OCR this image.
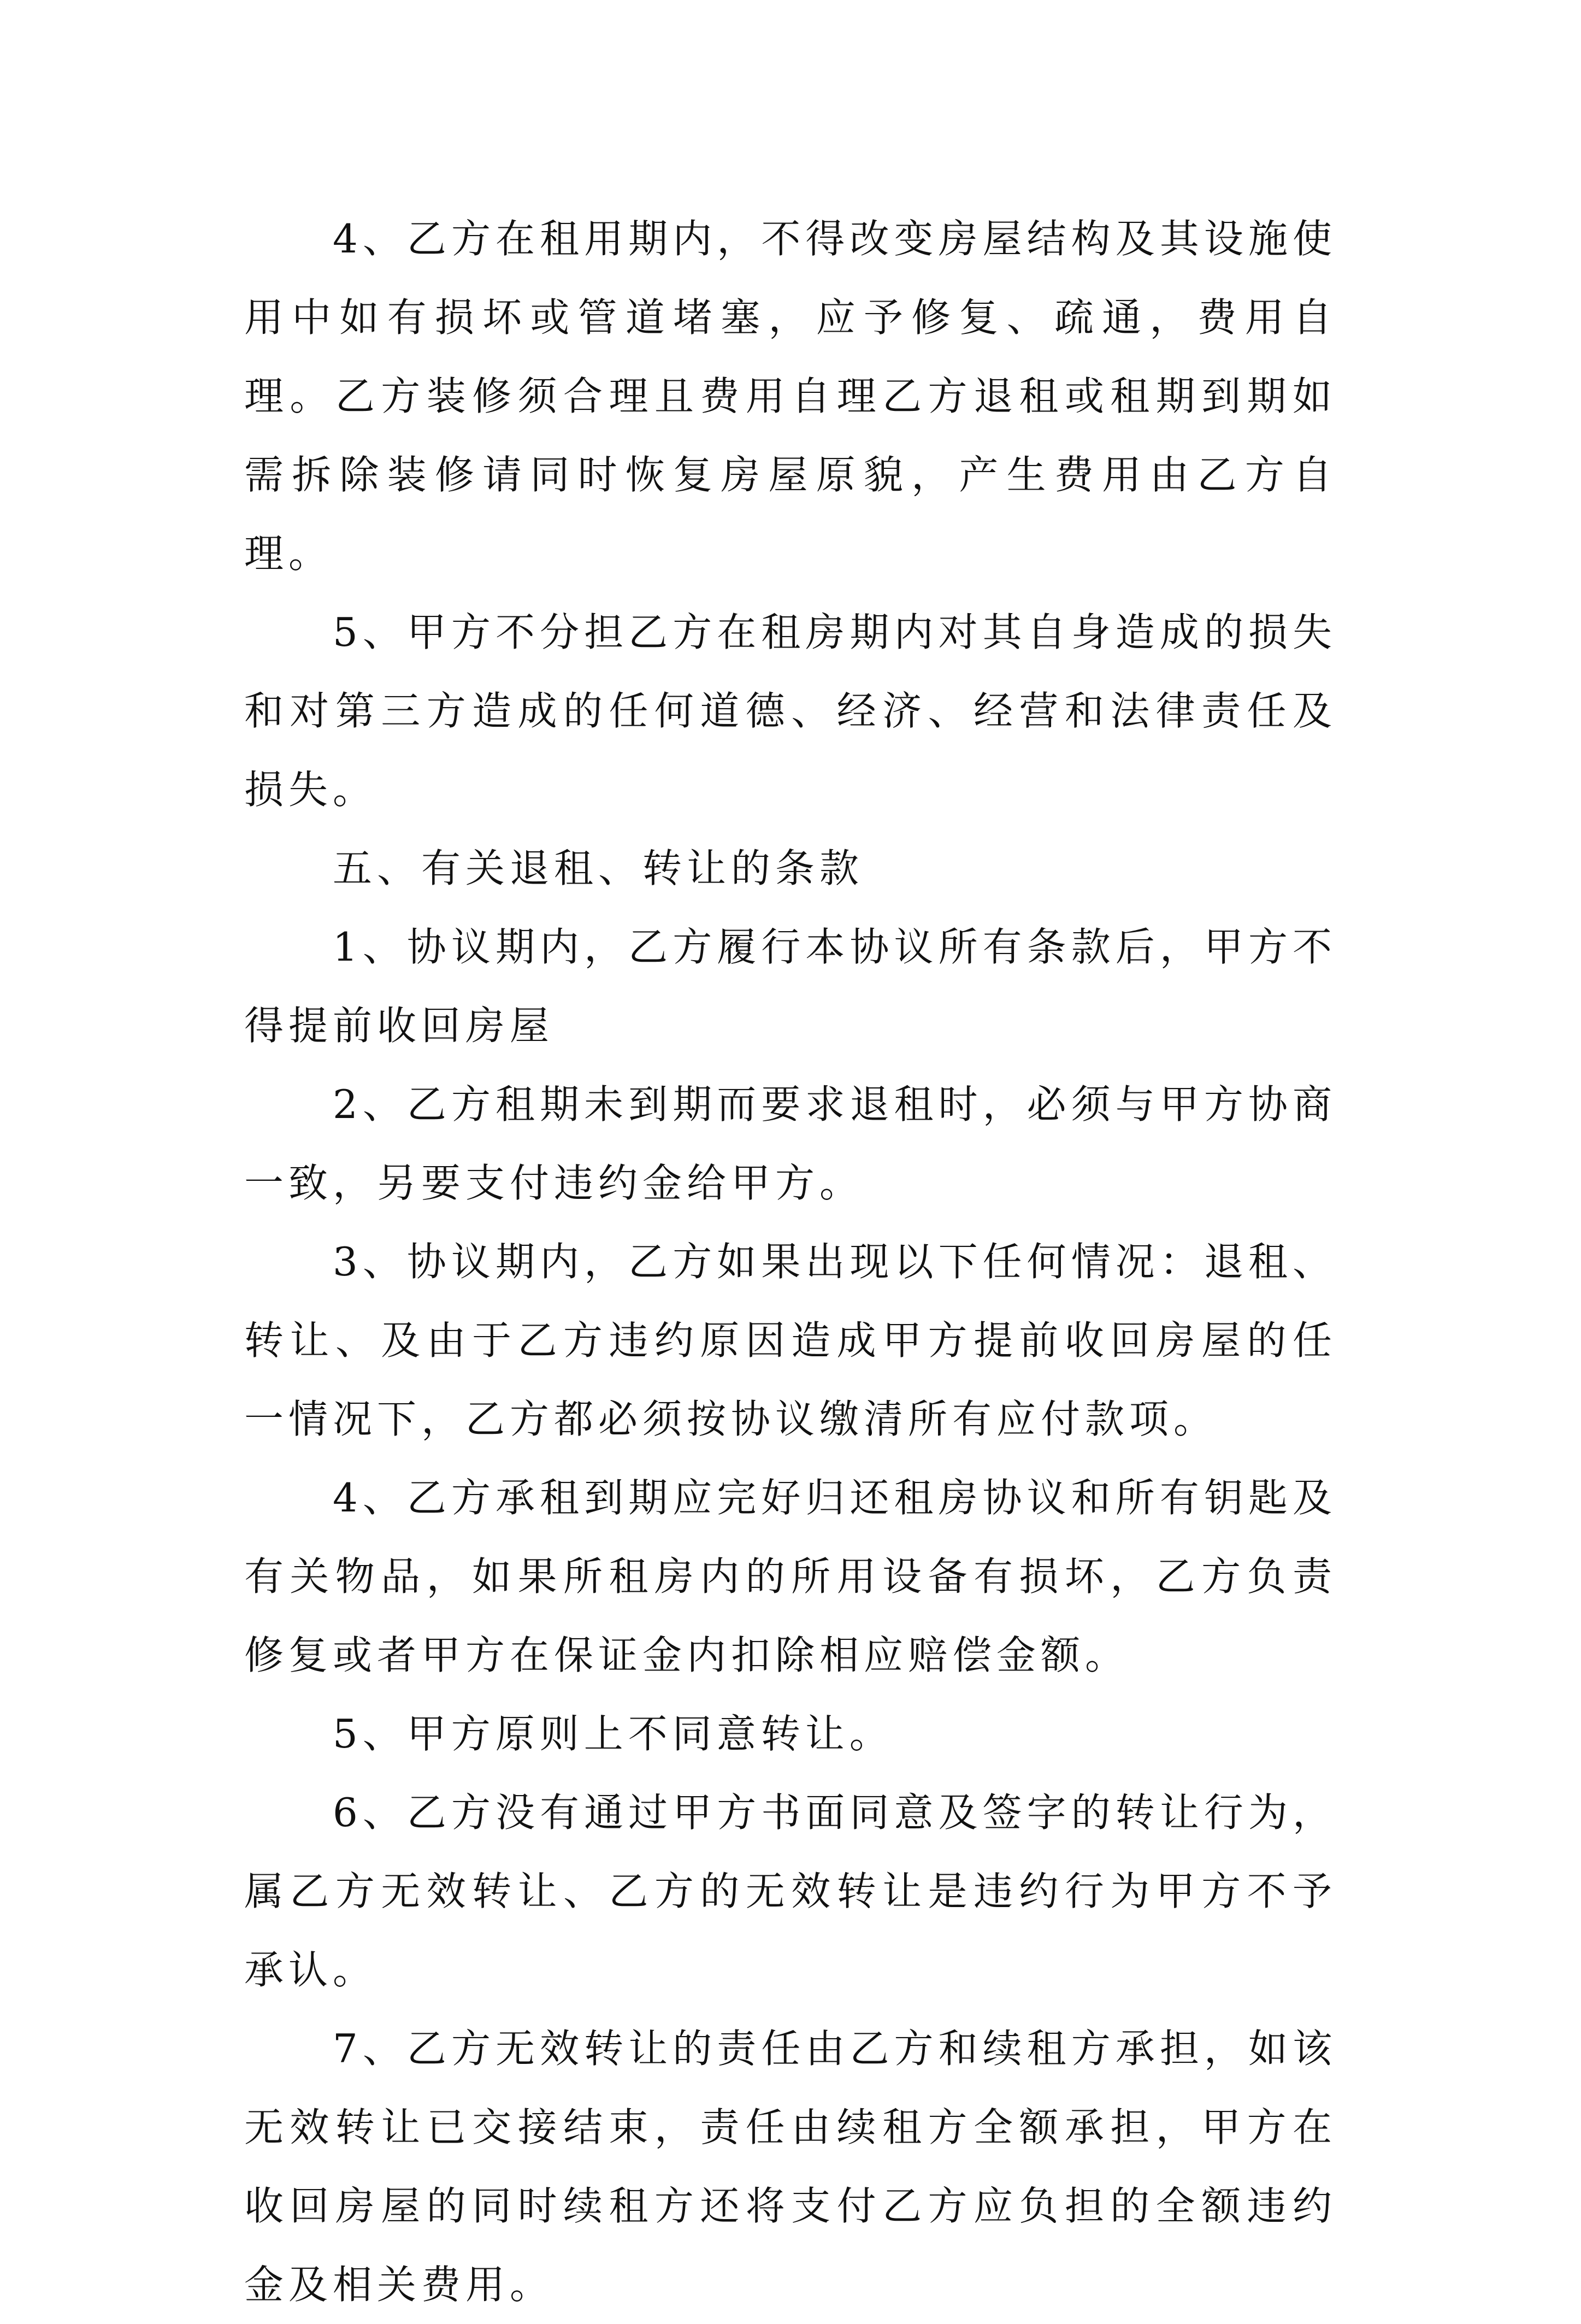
4、乙方在租用期内，不得改变房屋结构及其设施使用中如有损坏或管道堵塞，应予修复、疏通，费用自理。乙方装修须合理且费用自理乙方退租或租期到期如需拆除装修请同时恢复房屋原貌，产生费用由乙方自理。

5、甲方不分担乙方在租房期内对其自身造成的损失和对第三方造成的任何道德、经济、经营和法律责任及损失。

五、有关退租、转让的条款

1、协议期内，乙方履行本协议所有条款后，甲方不得提前收回房屋

2、乙方租期未到期而要求退租时，必须与甲方协商一致，另要支付违约金给甲方。

3、协议期内，乙方如果出现以下任何情况：退租、转让、及由于乙方违约原因造成甲方提前收回房屋的任一情况下，乙方都必须按协议缴清所有应付款项。

4、乙方承租到期应完好归还租房协议和所有钥匙及有关物品，如果所租房内的所用设备有损坏，乙方负责修复或者甲方在保证金内扣除相应赔偿金额。

5、甲方原则上不同意转让。

6、乙方没有通过甲方书面同意及签字的转让行为，属乙方无效转让、乙方的无效转让是违约行为甲方不予承认。

7、乙方无效转让的责任由乙方和续租方承担，如该无效转让已交接结束，责任由续租方全额承担，甲方在收回房屋的同时续租方还将支付乙方应负担的全额违约金及相关费用。
